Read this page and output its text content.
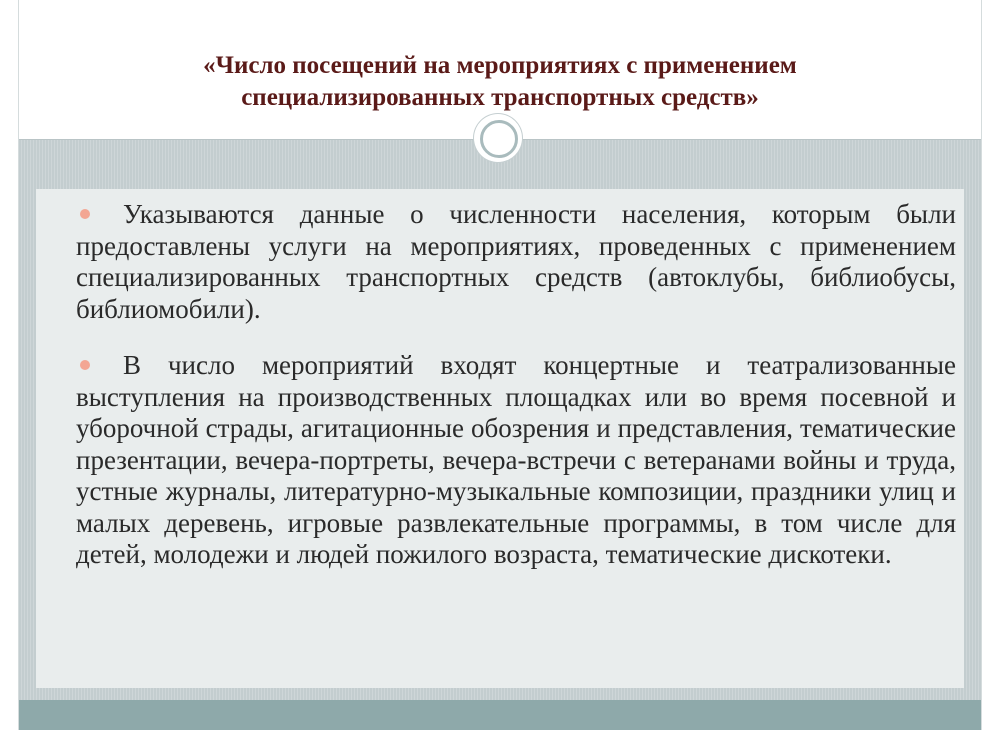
«Число посещений на мероприятиях с применением
специализированных транспортных средств»
Указываются данные о численности населения, которым были предоставлены услуги на мероприятиях, проведенных с применением специализированных транспортных средств (автоклубы, библиобусы, библиомобили).
В число мероприятий входят концертные и театрализованные выступления на производственных площадках или во время посевной и уборочной страды, агитационные обозрения и представления, тематические презентации, вечера-портреты, вечера-встречи с ветеранами войны и труда, устные журналы, литературно-музыкальные композиции, праздники улиц и малых деревень, игровые развлекательные программы, в том числе для детей, молодежи и людей пожилого возраста, тематические дискотеки.
